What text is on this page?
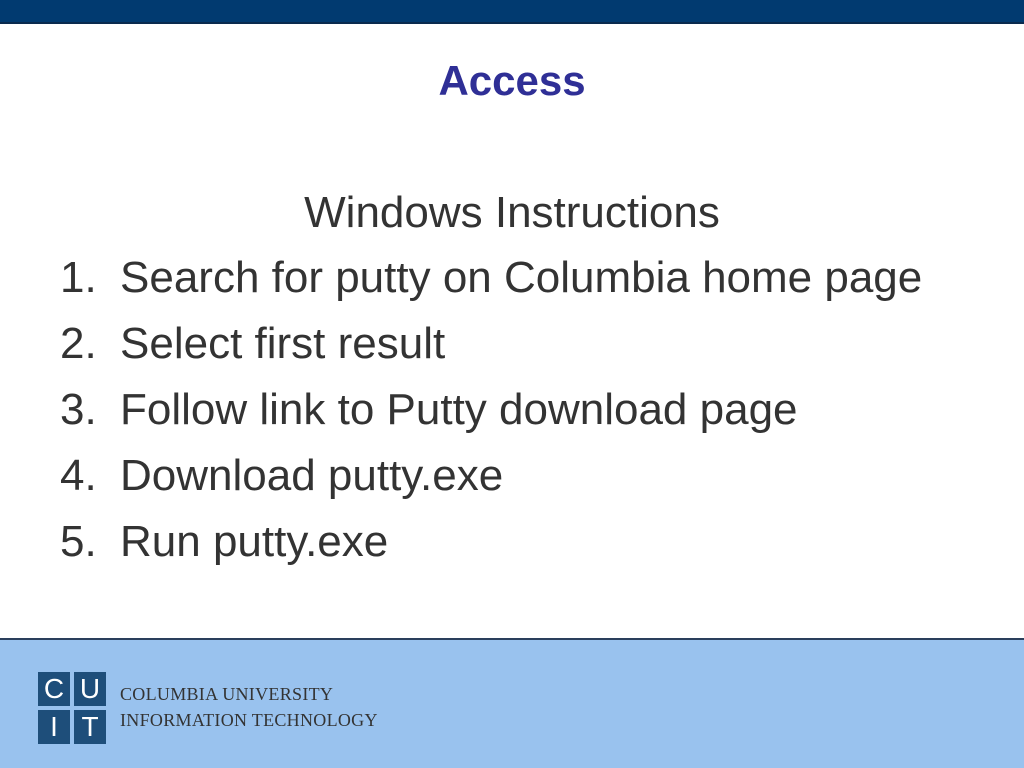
Access
Windows Instructions
1. Search for putty on Columbia home page
2. Select first result
3. Follow link to Putty download page
4. Download putty.exe
5. Run putty.exe
C U
I T
COLUMBIA UNIVERSITY
INFORMATION TECHNOLOGY
